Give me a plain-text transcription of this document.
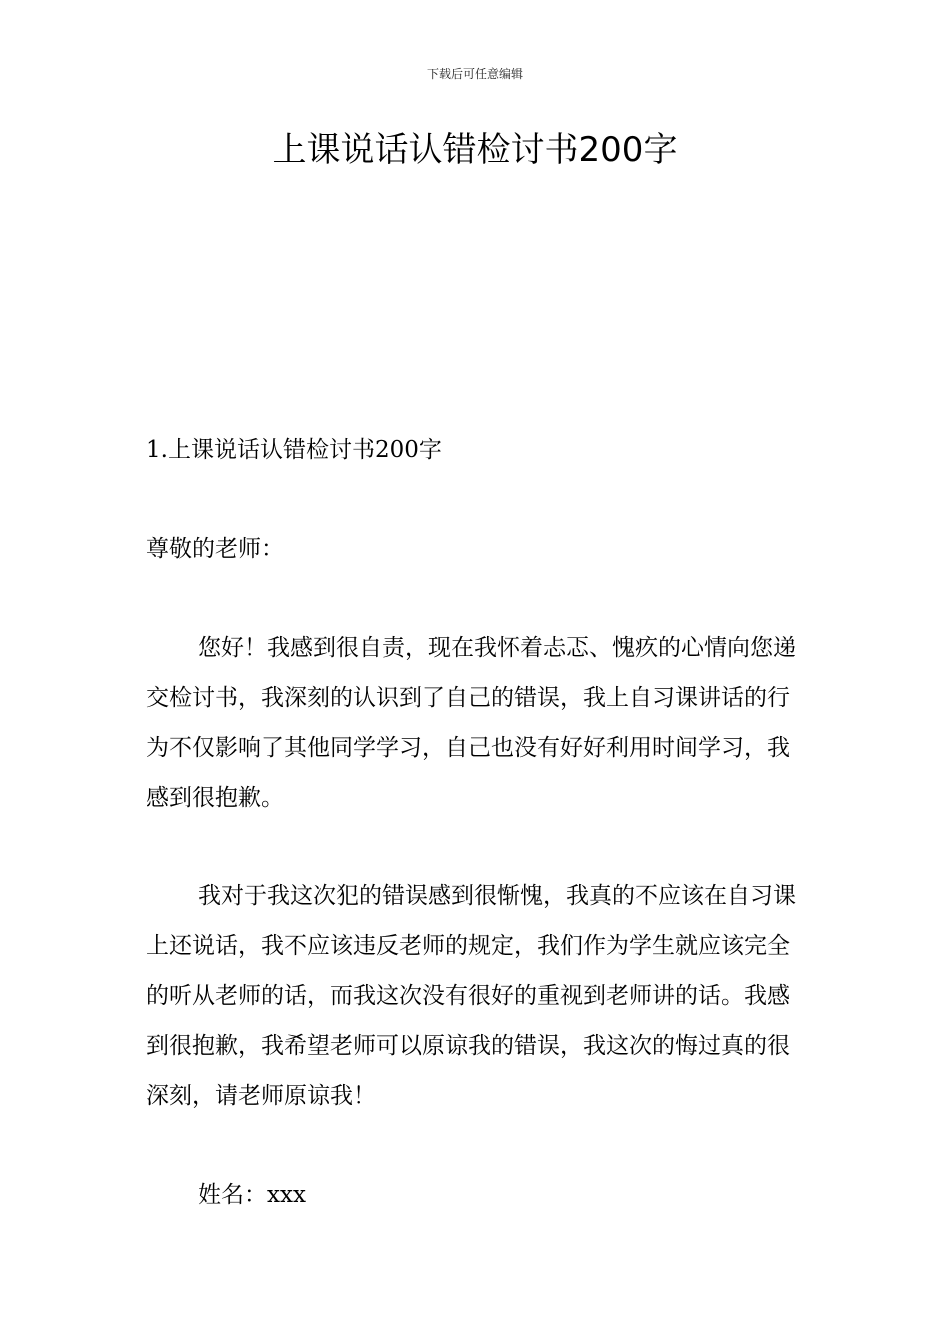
下载后可任意编辑
上课说话认错检讨书200字

1.上课说话认错检讨书200字

尊敬的老师：

您好！我感到很自责，现在我怀着忐忑、愧疚的心情向您递交检讨书，我深刻的认识到了自己的错误，我上自习课讲话的行为不仅影响了其他同学学习，自己也没有好好利用时间学习，我感到很抱歉。

我对于我这次犯的错误感到很惭愧，我真的不应该在自习课上还说话，我不应该违反老师的规定，我们作为学生就应该完全的听从老师的话，而我这次没有很好的重视到老师讲的话。我感到很抱歉，我希望老师可以原谅我的错误，我这次的悔过真的很深刻，请老师原谅我！

姓名：xxx
